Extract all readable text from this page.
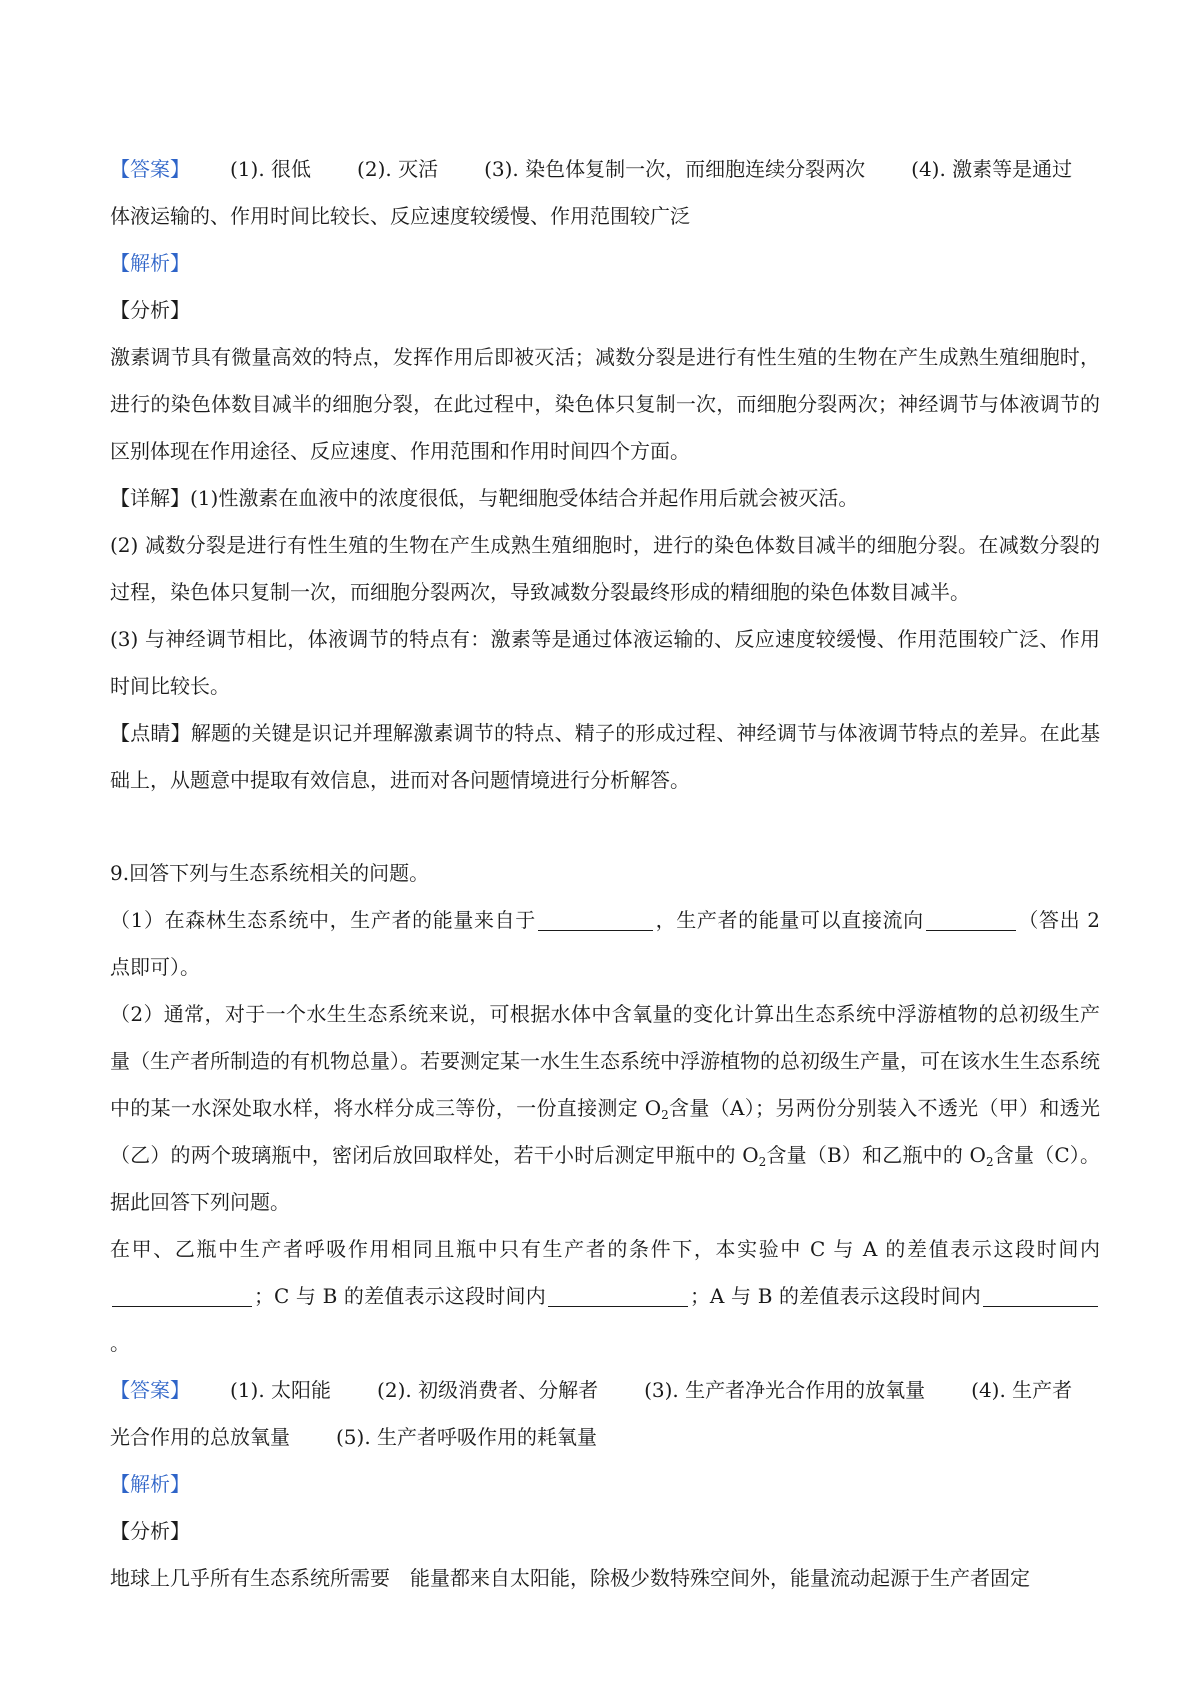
【答案】 (1). 很低 (2). 灭活 (3). 染色体复制一次，而细胞连续分裂两次 (4). 激素等是通过

体液运输的、作用时间比较长、反应速度较缓慢、作用范围较广泛

【解析】

【分析】

激素调节具有微量高效的特点，发挥作用后即被灭活；减数分裂是进行有性生殖的生物在产生成熟生殖细胞时，进行的染色体数目减半的细胞分裂，在此过程中，染色体只复制一次，而细胞分裂两次；神经调节与体液调节的区别体现在作用途径、反应速度、作用范围和作用时间四个方面。

【详解】(1)性激素在血液中的浓度很低，与靶细胞受体结合并起作用后就会被灭活。

(2) 减数分裂是进行有性生殖的生物在产生成熟生殖细胞时，进行的染色体数目减半的细胞分裂。在减数分裂的过程，染色体只复制一次，而细胞分裂两次，导致减数分裂最终形成的精细胞的染色体数目减半。

(3) 与神经调节相比，体液调节的特点有：激素等是通过体液运输的、反应速度较缓慢、作用范围较广泛、作用时间比较长。

【点睛】解题的关键是识记并理解激素调节的特点、精子的形成过程、神经调节与体液调节特点的差异。在此基础上，从题意中提取有效信息，进而对各问题情境进行分析解答。

9.回答下列与生态系统相关的问题。

（1）在森林生态系统中，生产者的能量来自于	，生产者的能量可以直接流向	（答出 2 点即可）。

（2）通常，对于一个水生生态系统来说，可根据水体中含氧量的变化计算出生态系统中浮游植物的总初级生产量（生产者所制造的有机物总量）。若要测定某一水生生态系统中浮游植物的总初级生产量，可在该水生生态系统中的某一水深处取水样，将水样分成三等份，一份直接测定 $O_2$含量（A）；另两份分别装入不透光（甲）和透光（乙）的两个玻璃瓶中，密闭后放回取样处，若干小时后测定甲瓶中的 $O_2$含量（B）和乙瓶中的 $O_2$含量（C）。据此回答下列问题。

在甲、乙瓶中生产者呼吸作用相同且瓶中只有生产者的条件下，本实验中 C 与 A 的差值表示这段时间内；C 与 B 的差值表示这段时间内	；A 与 B 的差值表示这段时间内。

【答案】 (1). 太阳能 (2). 初级消费者、分解者 (3). 生产者净光合作用的放氧量 (4). 生产者

光合作用的总放氧量 (5). 生产者呼吸作用的耗氧量

【解析】

【分析】

地球上几乎所有生态系统所需要　能量都来自太阳能，除极少数特殊空间外，能量流动起源于生产者固定
